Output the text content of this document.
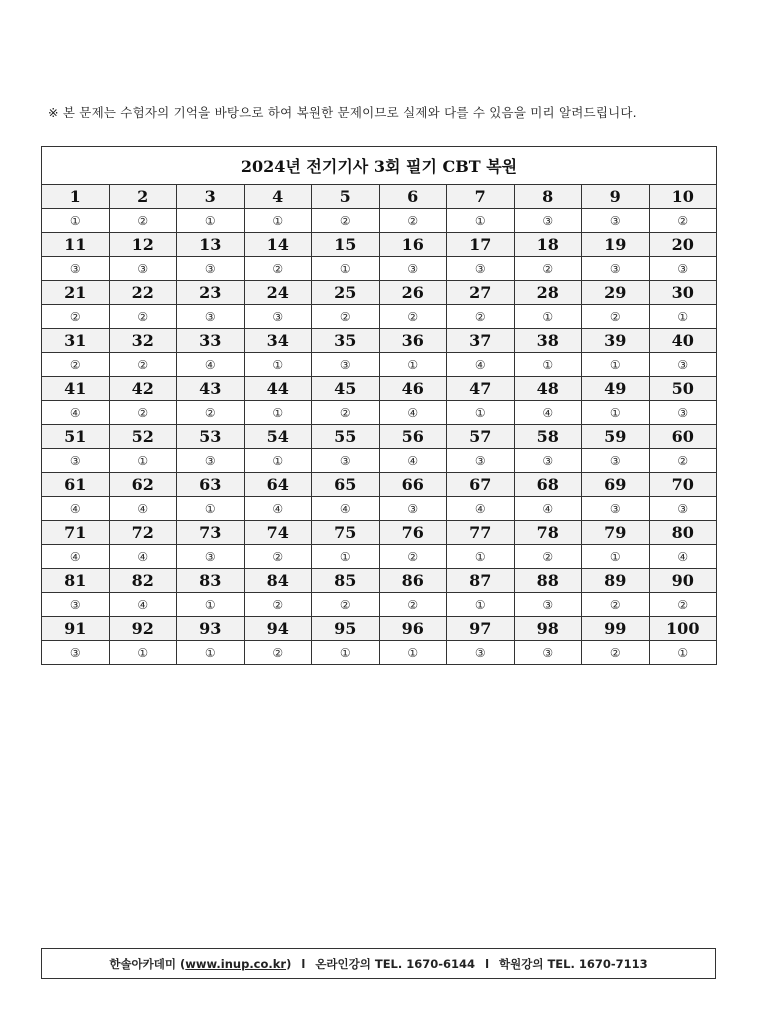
※ 본 문제는 수험자의 기억을 바탕으로 하여 복원한 문제이므로 실제와 다를 수 있음을 미리 알려드립니다.
2024년 전기기사 3회 필기 CBT 복원									
1	2	3	4	5	6	7	8	9	10
①	②	①	①	②	②	①	③	③	②
11	12	13	14	15	16	17	18	19	20
③	③	③	②	①	③	③	②	③	③
21	22	23	24	25	26	27	28	29	30
②	②	③	③	②	②	②	①	②	①
31	32	33	34	35	36	37	38	39	40
②	②	④	①	③	①	④	①	①	③
41	42	43	44	45	46	47	48	49	50
④	②	②	①	②	④	①	④	①	③
51	52	53	54	55	56	57	58	59	60
③	①	③	①	③	④	③	③	③	②
61	62	63	64	65	66	67	68	69	70
④	④	①	④	④	③	④	④	③	③
71	72	73	74	75	76	77	78	79	80
④	④	③	②	①	②	①	②	①	④
81	82	83	84	85	86	87	88	89	90
③	④	①	②	②	②	①	③	②	②
91	92	93	94	95	96	97	98	99	100
③	①	①	②	①	①	③	③	②	①
한솔아카데미 ( www.inup.co.kr ) l 온라인강의 TEL. 1670-6144 l 학원강의 TEL. 1670-7113
